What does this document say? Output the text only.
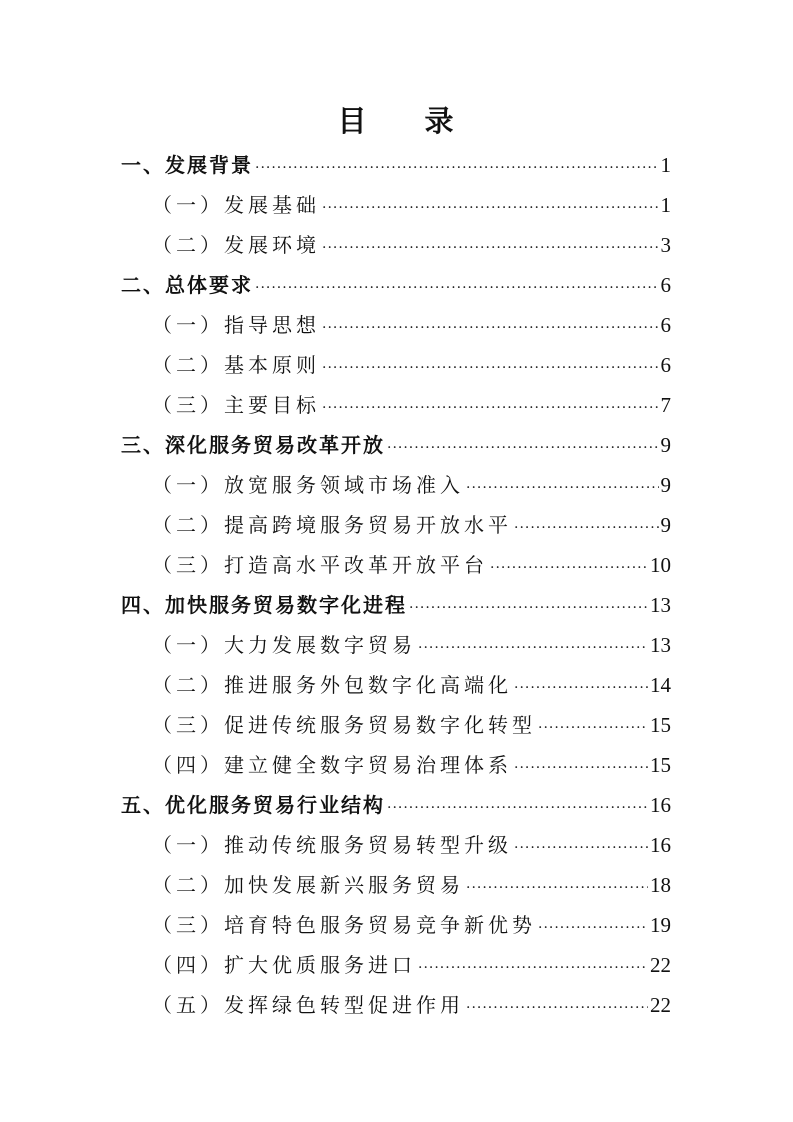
目 录
一、发展背景 ·····	1
（一）发展基础 ·····	1
（二）发展环境 ·····	3
二、总体要求 ·····	6
（一）指导思想 ·····	6
（二）基本原则 ·····	6
（三）主要目标 ·····	7
三、深化服务贸易改革开放 ·····	9
（一）放宽服务领域市场准入 ·····	9
（二）提高跨境服务贸易开放水平 ·····	9
（三）打造高水平改革开放平台 ·····	10
四、加快服务贸易数字化进程 ·····	13
（一）大力发展数字贸易 ·····	13
（二）推进服务外包数字化高端化 ·····	14
（三）促进传统服务贸易数字化转型 ·····	15
（四）建立健全数字贸易治理体系 ·····	15
五、优化服务贸易行业结构 ·····	16
（一）推动传统服务贸易转型升级 ·····	16
（二）加快发展新兴服务贸易 ·····	18
（三）培育特色服务贸易竞争新优势 ·····	19
（四）扩大优质服务进口 ·····	22
（五）发挥绿色转型促进作用 ·····	22
